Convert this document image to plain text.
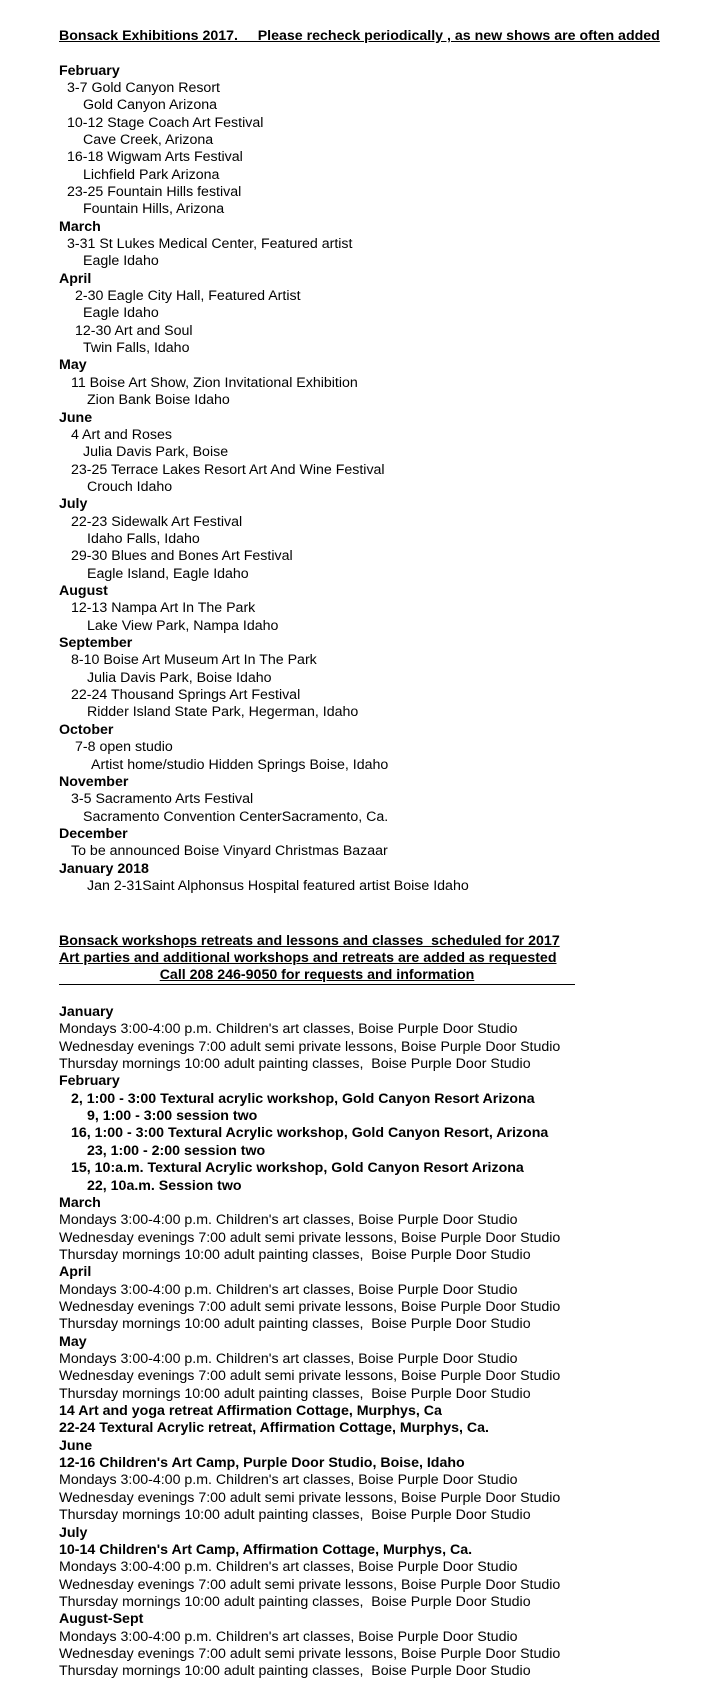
Bonsack Exhibitions 2017.     Please recheck periodically , as new shows are often added
February
3-7 Gold Canyon Resort
Gold Canyon Arizona
10-12 Stage Coach Art Festival
Cave Creek, Arizona
16-18 Wigwam Arts Festival
Lichfield Park Arizona
23-25 Fountain Hills festival
Fountain Hills, Arizona
March
3-31 St Lukes Medical Center, Featured artist
Eagle Idaho
April
2-30 Eagle City Hall, Featured Artist
Eagle Idaho
12-30 Art and Soul
Twin Falls, Idaho
May
11 Boise Art Show, Zion Invitational Exhibition
Zion Bank Boise Idaho
June
4 Art and Roses
Julia Davis Park, Boise
23-25 Terrace Lakes Resort Art And Wine Festival
Crouch Idaho
July
22-23 Sidewalk Art Festival
Idaho Falls, Idaho
29-30 Blues and Bones Art Festival
Eagle Island, Eagle Idaho
August
12-13 Nampa Art In The Park
Lake View Park, Nampa Idaho
September
8-10 Boise Art Museum Art In The Park
Julia Davis Park, Boise Idaho
22-24 Thousand Springs Art Festival
Ridder Island State Park, Hegerman, Idaho
October
7-8 open studio
Artist home/studio Hidden Springs Boise, Idaho
November
3-5 Sacramento Arts Festival
Sacramento Convention CenterSacramento, Ca.
December
To be announced Boise Vinyard Christmas Bazaar
January 2018
Jan 2-31Saint Alphonsus Hospital featured artist Boise Idaho
Bonsack workshops retreats and lessons and classes  scheduled for 2017
Art parties and additional workshops and retreats are added as requested
Call 208 246-9050 for requests and information
January
Mondays 3:00-4:00 p.m. Children's art classes, Boise Purple Door Studio
Wednesday evenings 7:00 adult semi private lessons, Boise Purple Door Studio
Thursday mornings 10:00 adult painting classes,  Boise Purple Door Studio
February
2, 1:00 - 3:00 Textural acrylic workshop, Gold Canyon Resort Arizona
9, 1:00 - 3:00 session two
16, 1:00 - 3:00 Textural Acrylic workshop, Gold Canyon Resort, Arizona
23, 1:00 - 2:00 session two
15, 10:a.m. Textural Acrylic workshop, Gold Canyon Resort Arizona
22, 10a.m. Session two
March
Mondays 3:00-4:00 p.m. Children's art classes, Boise Purple Door Studio
Wednesday evenings 7:00 adult semi private lessons, Boise Purple Door Studio
Thursday mornings 10:00 adult painting classes,  Boise Purple Door Studio
April
Mondays 3:00-4:00 p.m. Children's art classes, Boise Purple Door Studio
Wednesday evenings 7:00 adult semi private lessons, Boise Purple Door Studio
Thursday mornings 10:00 adult painting classes,  Boise Purple Door Studio
May
Mondays 3:00-4:00 p.m. Children's art classes, Boise Purple Door Studio
Wednesday evenings 7:00 adult semi private lessons, Boise Purple Door Studio
Thursday mornings 10:00 adult painting classes,  Boise Purple Door Studio
14 Art and yoga retreat Affirmation Cottage, Murphys, Ca
22-24 Textural Acrylic retreat, Affirmation Cottage, Murphys, Ca.
June
12-16 Children's Art Camp, Purple Door Studio, Boise, Idaho
Mondays 3:00-4:00 p.m. Children's art classes, Boise Purple Door Studio
Wednesday evenings 7:00 adult semi private lessons, Boise Purple Door Studio
Thursday mornings 10:00 adult painting classes,  Boise Purple Door Studio
July
10-14 Children's Art Camp, Affirmation Cottage, Murphys, Ca.
Mondays 3:00-4:00 p.m. Children's art classes, Boise Purple Door Studio
Wednesday evenings 7:00 adult semi private lessons, Boise Purple Door Studio
Thursday mornings 10:00 adult painting classes,  Boise Purple Door Studio
August-Sept
Mondays 3:00-4:00 p.m. Children's art classes, Boise Purple Door Studio
Wednesday evenings 7:00 adult semi private lessons, Boise Purple Door Studio
Thursday mornings 10:00 adult painting classes,  Boise Purple Door Studio
